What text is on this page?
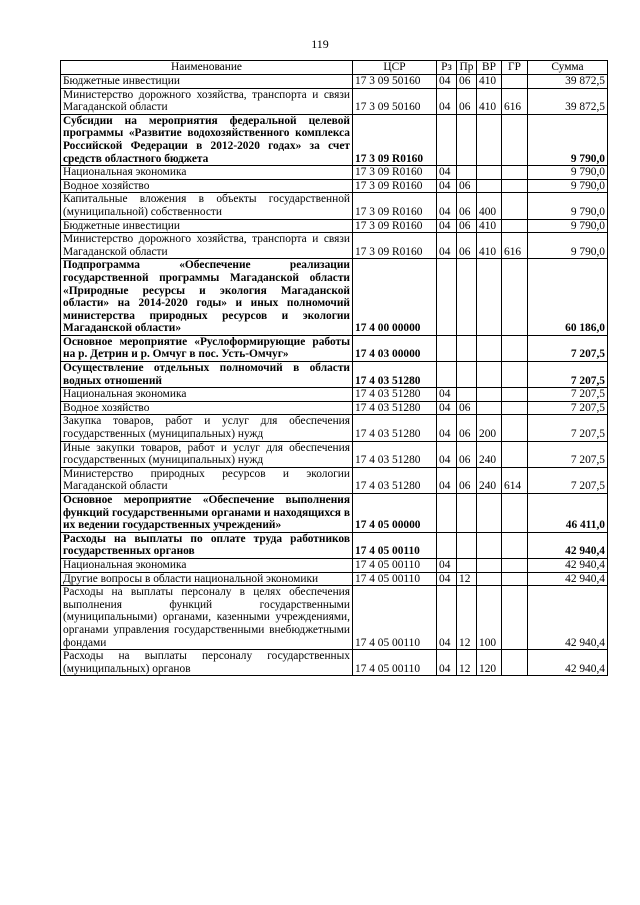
119
Наименование	ЦСР	Рз	Пр	ВР	ГР	Сумма
Бюджетные инвестиции	17 3 09 50160	04	06	410		39 872,5
Министерство дорожного хозяйства, транспорта и связи Магаданской области	17 3 09 50160	04	06	410	616	39 872,5
Субсидии на мероприятия федеральной целевой программы «Развитие водохозяйственного комплекса Российской Федерации в 2012-2020 годах» за счет средств областного бюджета	17 3 09 R0160					9 790,0
Национальная экономика	17 3 09 R0160	04				9 790,0
Водное хозяйство	17 3 09 R0160	04	06			9 790,0
Капитальные вложения в объекты государственной (муниципальной) собственности	17 3 09 R0160	04	06	400		9 790,0
Бюджетные инвестиции	17 3 09 R0160	04	06	410		9 790,0
Министерство дорожного хозяйства, транспорта и связи Магаданской области	17 3 09 R0160	04	06	410	616	9 790,0
Подпрограмма «Обеспечение реализации государственной программы Магаданской области «Природные ресурсы и экология Магаданской области» на 2014-2020 годы» и иных полномочий министерства природных ресурсов и экологии Магаданской области»	17 4 00 00000					60 186,0
Основное мероприятие «Руслоформирующие работы на р. Детрин и р. Омчуг в пос. Усть-Омчуг»	17 4 03 00000					7 207,5
Осуществление отдельных полномочий в области водных отношений	17 4 03 51280					7 207,5
Национальная экономика	17 4 03 51280	04				7 207,5
Водное хозяйство	17 4 03 51280	04	06			7 207,5
Закупка товаров, работ и услуг для обеспечения государственных (муниципальных) нужд	17 4 03 51280	04	06	200		7 207,5
Иные закупки товаров, работ и услуг для обеспечения государственных (муниципальных) нужд	17 4 03 51280	04	06	240		7 207,5
Министерство природных ресурсов и экологии Магаданской области	17 4 03 51280	04	06	240	614	7 207,5
Основное мероприятие «Обеспечение выполнения функций государственными органами и находящихся в их ведении государственных учреждений»	17 4 05 00000					46 411,0
Расходы на выплаты по оплате труда работников государственных органов	17 4 05 00110					42 940,4
Национальная экономика	17 4 05 00110	04				42 940,4
Другие вопросы в области национальной экономики	17 4 05 00110	04	12			42 940,4
Расходы на выплаты персоналу в целях обеспечения выполнения функций государственными (муниципальными) органами, казенными учреждениями, органами управления государственными внебюджетными фондами	17 4 05 00110	04	12	100		42 940,4
Расходы на выплаты персоналу государственных (муниципальных) органов	17 4 05 00110	04	12	120		42 940,4
